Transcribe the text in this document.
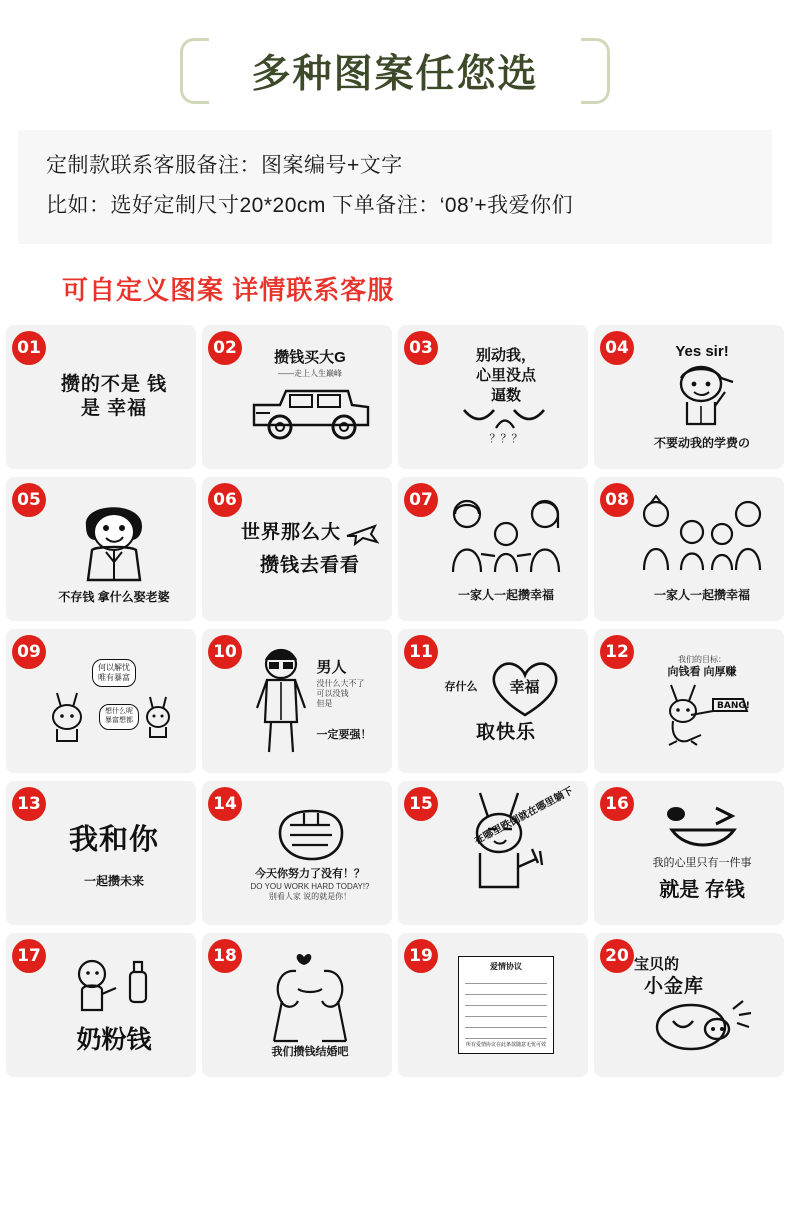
多种图案任您选
定制款联系客服备注：图案编号+文字
比如：选好定制尺寸20*20cm 下单备注：‘08’+我爱你们
可自定义图案 详情联系客服
01
攒的不是 钱
是 幸福
02
攒钱买大G
——走上人生巅峰
03	别动我，
心里没点
逼数
？？？
04	Yes sir!
不要动我的学费の
05
不存钱 拿什么娶老婆
06
世界那么大
攒钱去看看
07
一家人一起攒幸福
08
一家人一起攒幸福
09
何以解忧
唯有暴富
想什么呢
暴富想都
10
男人
没什么大不了
可以没钱
但是
一定要强！
11
存什么 幸福
取快乐
12	我们的目标：
向钱看 向厚赚
BANG!
13
我和你
一起攒未来
14
今天你努力了没有！？
DO YOU WORK HARD TODAY!?
别看人家 说的就是你！
在哪里跌倒就在哪里躺下
15	16
我的心里只有一件事
就是 存钱
17
奶粉钱
18
我们攒钱结婚吧
19
爱情协议
所有爱情协议在此条款随意无忧可效
20 宝贝的
小金库
